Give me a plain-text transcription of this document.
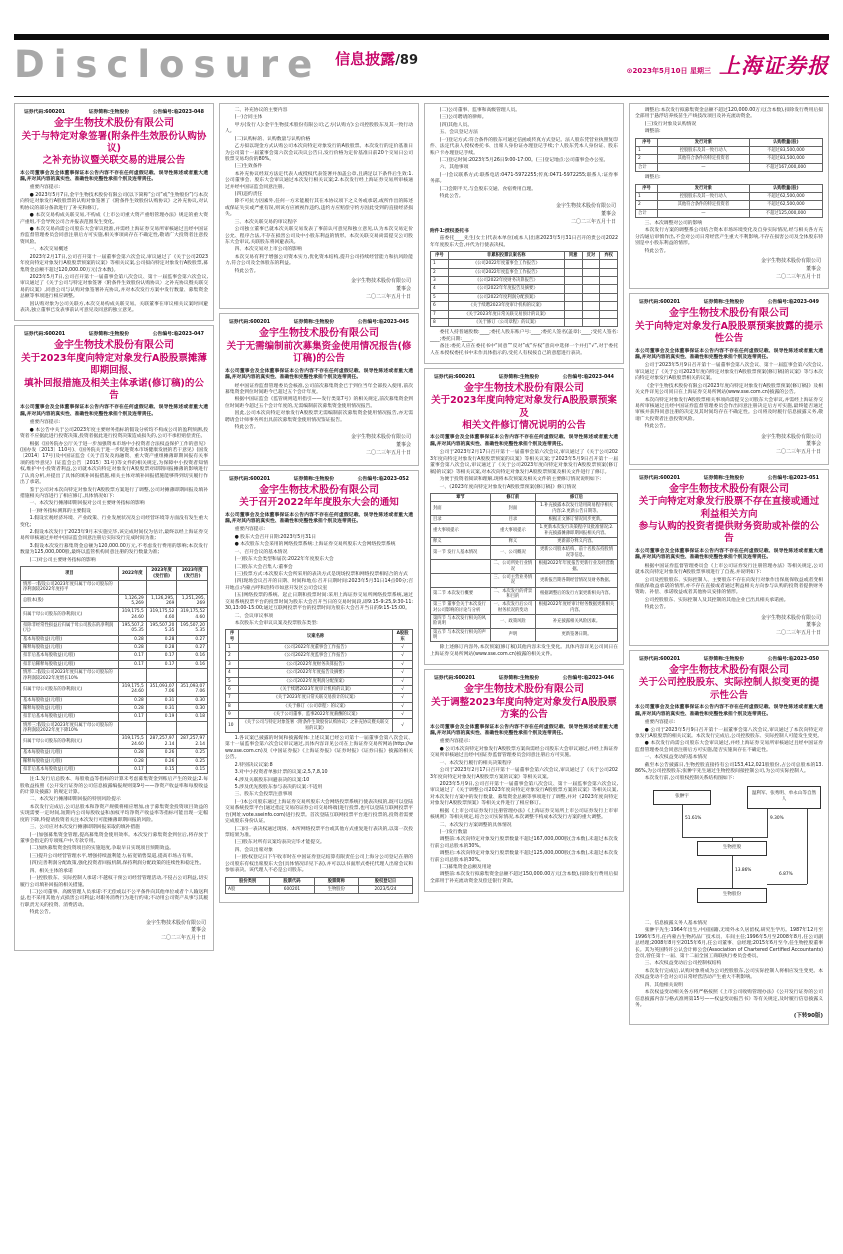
Disclosure 信息披露/89
⊙2023年5月10日 星期三 上海证券报
证券代码:600201	证券简称:生物股份	公告编号:临2023-048
金宇生物技术股份有限公司
关于与特定对象签署(附条件生效股份认购协议)
之补充协议暨关联交易的进展公告

本公司董事会及全体董事保证本公告内容不存在任何虚假记载、误导性陈述或者重大遗漏,并对其内容的真实性、准确性和完整性承担个别及连带责任。

重要内容提示:

● 2023年5月7日,金宇生物技术股份有限公司(以下简称“公司”或“生物股份”)与本次向特定对象发行A股股票的认购对象签署了《附条件生效股份认购协议》之补充协议,对认购协议的部分条款进行了补充和修订。

● 本次交易构成关联交易,不构成《上市公司重大资产重组管理办法》规定的重大资产重组,不会导致公司合并报表范围发生变化。

● 本次交易尚需公司股东大会审议批准,并需经上海证券交易所审核通过且经中国证券监督管理委员会同意注册后方可实施,相关事项尚存在不确定性,敬请广大投资者注意投资风险。

一、本次交易概述

2023年2月17日,公司召开第十一届董事会第六次会议,审议通过了《关于公司2023年度向特定对象发行A股股票预案的议案》等相关议案,公司拟向特定对象发行A股股票,募集资金总额不超过120,000.00万元(含本数)。

2023年5月7日,公司召开第十一届董事会第八次会议、第十一届监事会第六次会议,审议通过了《关于公司与特定对象签署〈附条件生效股份认购协议〉之补充协议暨关联交易的议案》,同意公司与认购对象签署补充协议,并对本次发行方案中发行数量、募集资金总额等事项进行相应调整。

因认购对象为公司关联方,本次交易构成关联交易。关联董事在审议相关议案时回避表决,独立董事已发表事前认可意见及同意的独立意见。

证券代码:600201	证券简称:生物股份	公告编号:临2023-047
金宇生物技术股份有限公司
关于2023年度向特定对象发行A股股票摊薄即期回报、
填补回报措施及相关主体承诺(修订稿)的公告

本公司董事会及全体董事保证本公告内容不存在任何虚假记载、误导性陈述或者重大遗漏,并对其内容的真实性、准确性和完整性承担个别及连带责任。

重要内容提示:

● 本公告中关于公司2023年度主要财务指标的假设分析均不构成公司的盈利预测,投资者不应据此进行投资决策,投资者据此进行投资决策造成损失的,公司不承担赔偿责任。

根据《国务院办公厅关于进一步加强资本市场中小投资者合法权益保护工作的意见》(国办发〔2013〕110号)、《国务院关于进一步促进资本市场健康发展的若干意见》(国发〔2014〕17号)及中国证监会《关于首发及再融资、重大资产重组摊薄即期回报有关事项的指导意见》(证监会公告〔2015〕31号)等文件的相关规定,为保障中小投资者知情权,维护中小投资者利益,公司就本次向特定对象发行A股股票对即期回报摊薄的影响进行了认真分析,并提出了具体的填补回报措施,相关主体对填补回报措施能够得到切实履行作出了承诺。

鉴于公司对本次向特定对象发行A股股票方案进行了调整,公司对摊薄即期回报及填补措施相关内容进行了相应修订,具体情况如下:

一、本次发行摊薄即期回报对公司主要财务指标的影响

(一)财务指标测算的主要假设

1.假设宏观经济环境、产业政策、行业发展状况及公司经营环境等方面没有发生重大变化;

2.假设本次发行于2023年9月末实施完毕,该完成时间仅为估计,最终以经上海证券交易所审核通过并经中国证监会同意注册后实际发行完成时间为准;

3.假设本次发行募集资金总额为120,000.00万元,不考虑发行费用的影响;本次发行数量为125,000,000股,最终以监管机构同意注册的发行数量为准;

(二)对公司主要财务指标的影响

项目	2022年度	2023年度(发行前)	2023年度(发行后)
情形一:假设公司2023年度归属于母公司股东的净利润较2022年度持平			
总股本(股)	1,126,295,269	1,126,295,269	1,251,295,269
归属于母公司股东的净利润(元)	319,175,524.60	319,175,524.60	319,175,524.60
扣除非经常性损益后归属于母公司股东的净利润(元)	195,507,205.35	195,507,205.35	195,507,205.35
基本每股收益(元/股)	0.28	0.28	0.27
稀释每股收益(元/股)	0.28	0.28	0.27
扣非后基本每股收益(元/股)	0.17	0.17	0.16
扣非后稀释每股收益(元/股)	0.17	0.17	0.16
情形二:假设公司2023年度归属于母公司股东的净利润较2022年度增长10%			
归属于母公司股东的净利润(元)	319,175,524.60	351,093,077.06	351,093,077.06
基本每股收益(元/股)	0.28	0.31	0.30
稀释每股收益(元/股)	0.28	0.31	0.30
扣非后基本每股收益(元/股)	0.17	0.19	0.18
情形三:假设公司2023年度归属于母公司股东的净利润较2022年度下降10%			
归属于母公司股东的净利润(元)	319,175,524.60	287,257,972.14	287,257,972.14
基本每股收益(元/股)	0.28	0.26	0.25
稀释每股收益(元/股)	0.28	0.26	0.25
扣非后基本每股收益(元/股)	0.17	0.15	0.15

注:1.发行后总股本、每股收益等指标的计算未考虑募集资金到账后产生的效益;2.每股收益按照《公开发行证券的公司信息披露编报规则第9号——净资产收益率和每股收益的计算及披露》的规定计算。

二、本次发行摊薄即期回报的特别风险提示

本次发行完成后,公司总股本和净资产规模将相应增加,由于募集资金投资项目效益的实现需要一定时间,短期内公司每股收益和加权平均净资产收益率等指标可能出现一定幅度的下降,特提请投资者关注本次发行可能摊薄即期回报的风险。

三、公司应对本次发行摊薄即期回报采取的填补措施

(一)加强募集资金管理,提高募集资金使用效率。本次发行募集资金到位后,将存放于董事会指定的专项账户中,专款专用。

(二)加快募集资金投资项目的实施进度,争取早日实现项目预期效益。

(三)提升公司经营管理水平,增强持续盈利能力,拓宽销售渠道,提高市场占有率。

(四)完善利润分配政策,强化投资者回报机制,保持利润分配政策的连续性和稳定性。

四、相关主体的承诺

(一)控股股东、实际控制人承诺:不越权干预公司经营管理活动,不侵占公司利益,切实履行公司填补回报的相关措施。

(二)公司董事、高级管理人员承诺:不无偿或以不公平条件向其他单位或者个人输送利益,也不采用其他方式损害公司利益;对职务消费行为进行约束;不动用公司资产从事与其履行职责无关的投资、消费活动。

特此公告。

金宇生物技术股份有限公司
董事会
二〇二三年五月十日

二、补充协议的主要内容

(一)合同主体

甲方(发行人):金宇生物技术股份有限公司;乙方(认购方):公司控股股东及其一致行动人。

(二)认购标的、认购数量与认购价格

乙方拟以现金方式认购公司本次向特定对象发行的A股股票。本次发行的定价基准日为公司第十一届董事会第六次会议决议公告日,发行价格为定价基准日前20个交易日公司股票交易均价的80%。

(三)生效条件

本补充协议经双方法定代表人或授权代表签署并加盖公章,且满足以下条件后生效:1.公司董事会、股东大会审议通过本次发行相关议案;2.本次发行经上海证券交易所审核通过并经中国证监会同意注册。

(四)违约责任

除不可抗力因素外,任何一方未能履行其在本协议项下之义务或承诺,或所作出的陈述或保证失实或严重有误,则该方应被视作违约,违约方应赔偿守约方因此受到的直接经济损失。

三、本次关联交易的审议程序

公司独立董事已就本次关联交易发表了事前认可意见和独立意见,认为本次交易定价公允、程序合法,不存在损害公司及中小股东利益的情形。本次关联交易尚需提交公司股东大会审议,关联股东将回避表决。

四、本次交易对上市公司的影响

本次交易有利于增强公司资本实力,优化资本结构,提升公司持续经营能力和抗风险能力,符合公司及全体股东的利益。

特此公告。

金宇生物技术股份有限公司
董事会
二〇二三年五月十日
证券代码:600201	证券简称:生物股份	公告编号:临2023-045
金宇生物技术股份有限公司
关于无需编制前次募集资金使用情况报告(修订稿)的公告

本公司董事会及全体董事保证本公告内容不存在任何虚假记载、误导性陈述或者重大遗漏,并对其内容的真实性、准确性和完整性承担个别及连带责任。

经中国证券监督管理委员会核准,公司前次募集资金已于到位当年全部投入使用,前次募集资金到位时间距今已超过五个会计年度。

根据中国证监会《监管规则适用指引——发行类第7号》的相关规定,前次募集资金到位时间距今超过五个会计年度的,无需编制前次募集资金使用情况报告。

因此,公司本次向特定对象发行A股股票无需编制前次募集资金使用情况报告,亦无需聘请会计师事务所出具前次募集资金使用情况鉴证报告。

特此公告。

金宇生物技术股份有限公司
董事会
二〇二三年五月十日
证券代码:600201	证券简称:生物股份	公告编号:临2023-052
金宇生物技术股份有限公司
关于召开2022年年度股东大会的通知

本公司董事会及全体董事保证本公告内容不存在任何虚假记载、误导性陈述或者重大遗漏,并对其内容的真实性、准确性和完整性承担个别及连带责任。

重要内容提示:

● 股东大会召开日期:2023年5月31日

● 本次股东大会采用的网络投票系统:上海证券交易所股东大会网络投票系统

一、召开会议的基本情况

(一)股东大会类型和届次:2022年年度股东大会

(二)股东大会召集人:董事会

(三)投票方式:本次股东大会所采用的表决方式是现场投票和网络投票相结合的方式

(四)现场会议召开的日期、时间和地点:召开日期时间:2023年5月31日14点00分;召开地点:内蒙古呼和浩特市如意开发区公司会议室

(五)网络投票的系统、起止日期和投票时间:采用上海证券交易所网络投票系统,通过交易系统投票平台的投票时间为股东大会召开当日的交易时间段,即9:15-9:25,9:30-11:30,13:00-15:00;通过互联网投票平台的投票时间为股东大会召开当日的9:15-15:00。

二、会议审议事项

本次股东大会审议议案及投票股东类型:

序号	议案名称	A股股东
1	《公司2022年度董事会工作报告》	√
2	《公司2022年度监事会工作报告》	√
3	《公司2022年度财务决算报告》	√
4	《公司2022年年度报告及摘要》	√
5	《公司2022年度利润分配预案》	√
6	《关于续聘2023年度审计机构的议案》	√
7	《关于2023年度日常关联交易预计的议案》	√
8	《关于修订〈公司章程〉的议案》	√
9	《关于公司董事、监事2022年度薪酬的议案》	√
10	《关于公司与特定对象签署〈附条件生效股份认购协议〉之补充协议暨关联交易的议案》	√

1.各议案已披露的时间和披露媒体:上述议案已经公司第十一届董事会第八次会议、第十一届监事会第六次会议审议通过,具体内容详见公司在上海证券交易所网站(http://www.sse.com.cn)及《中国证券报》《上海证券报》《证券时报》《证券日报》披露的相关公告。

2.特别决议议案:8

3.对中小投资者单独计票的议案:2,5,7,8,10

4.涉及关联股东回避表决的议案:10

5.涉及优先股股东参与表决的议案:不适用

三、股东大会投票注意事项

(一)本公司股东通过上海证券交易所股东大会网络投票系统行使表决权的,既可以登陆交易系统投票平台(通过指定交易的证券公司交易终端)进行投票,也可以登陆互联网投票平台(网址:vote.sseinfo.com)进行投票。首次登陆互联网投票平台进行投票的,投资者需要完成股东身份认证。

(二)同一表决权通过现场、本所网络投票平台或其他方式重复进行表决的,以第一次投票结果为准。

(三)股东对所有议案均表决完毕才能提交。

四、会议出席对象

(一)股权登记日下午收市时在中国证券登记结算有限责任公司上海分公司登记在册的公司股东有权出席股东大会(具体情况详见下表),并可以以书面形式委托代理人出席会议和参加表决。该代理人不必是公司股东。

股份类别	股票代码	股票简称	股权登记日
A股	600201	生物股份	2023/5/24

(二)公司董事、监事和高级管理人员。

(三)公司聘请的律师。

(四)其他人员。

五、会议登记方法

(一)登记方式:符合条件的股东可通过信函或传真方式登记。法人股东凭营业执照复印件、法定代表人授权委托书、出席人身份证办理登记手续;个人股东凭本人身份证、股东账户卡办理登记手续。

(二)登记时间:2023年5月26日9:00-17:00。(三)登记地点:公司董事会办公室。

六、其他事项

(一)会议联系方式:联系电话:0471-5972255;传真:0471-5972255;联系人:证券事务部。

(二)会期半天,与会股东交通、食宿费用自理。

特此公告。

金宇生物技术股份有限公司
董事会
二〇二三年五月十日

附件1:授权委托书

兹委托____先生(女士)代表本单位(或本人)出席2023年5月31日召开的贵公司2022年年度股东大会,并代为行使表决权。

序号	非累积投票议案名称	同意	反对	弃权
1	《公司2022年度董事会工作报告》			
2	《公司2022年度监事会工作报告》			
3	《公司2022年度财务决算报告》			
4	《公司2022年年度报告及摘要》			
5	《公司2022年度利润分配预案》			
6	《关于续聘2023年度审计机构的议案》			
7	《关于2023年度日常关联交易预计的议案》			
8	《关于修订〈公司章程〉的议案》			

委托人持普通股数:____;委托人股东账户号:____;委托人签名(盖章):____;受托人签名:____;委托日期:____。

备注:委托人应在委托书中“同意”“反对”或“弃权”意向中选择一个并打“√”,对于委托人在本授权委托书中未作具体指示的,受托人有权按自己的意愿进行表决。

证券代码:600201	证券简称:生物股份	公告编号:临2023-044
金宇生物技术股份有限公司
关于2023年度向特定对象发行A股股票预案及
相关文件修订情况说明的公告

本公司董事会及全体董事保证本公告内容不存在任何虚假记载、误导性陈述或者重大遗漏,并对其内容的真实性、准确性和完整性承担个别及连带责任。

公司于2023年2月17日召开第十一届董事会第六次会议,审议通过了《关于公司2023年度向特定对象发行A股股票预案的议案》等相关议案;于2023年5月9日召开第十一届董事会第八次会议,审议通过了《关于公司2023年度向特定对象发行A股股票预案(修订稿)的议案》等相关议案,对本次向特定对象发行A股股票预案及相关文件进行了修订。

为便于投资者阅读和理解,现将本次预案及相关文件的主要修订情况说明如下:

一、《2023年度向特定对象发行A股股票预案(修订稿)》修订情况

章节	修订前	修订后
封面	封面	1.补充披露本次发行适用简易程序相关内容;2.更新公告日期等。
目录	目录	根据正文修订情况同步更新。
重大事项提示	重大事项提示	1.更新本次发行决策程序及批准情况;2.补充披露摊薄即期回报相关内容。
释义	释义	更新部分释义内容。
第一节 发行人基本情况	一、公司概况	更新公司股本结构、前十名股东持股情况等信息。
	二、公司所处行业情况	根据2022年年度报告更新行业及经营数据。
	三、公司主营业务情况	更新报告期各期经营情况及财务数据。
第二节 本次发行概要	二、本次发行的背景和目的	根据调整后的发行方案更新相关内容。
第三节 董事会关于本次发行对公司影响的讨论与分析	一、本次发行后公司财务状况的变动	根据2022年度经审计财务数据更新相关内容。
第四节 与本次发行相关的风险说明	一、政策风险	补充披露相关风险因素。
第五节 与本次发行相关的声明	声明	更新签署日期。

除上述修订内容外,本次预案(修订稿)其他内容未发生变化。具体内容详见公司同日在上海证券交易所网站(www.sse.com.cn)披露的相关文件。

证券代码:600201	证券简称:生物股份	公告编号:临2023-046
金宇生物技术股份有限公司
关于调整2023年度向特定对象发行A股股票方案的公告

本公司董事会及全体董事保证本公告内容不存在任何虚假记载、误导性陈述或者重大遗漏,并对其内容的真实性、准确性和完整性承担个别及连带责任。

重要内容提示:

● 公司本次向特定对象发行A股股票方案尚需经公司股东大会审议通过,并经上海证券交易所审核通过且经中国证券监督管理委员会同意注册后方可实施。

一、本次发行履行的相关决策程序

公司于2023年2月17日召开第十一届董事会第六次会议,审议通过了《关于公司2023年度向特定对象发行A股股票方案的议案》等相关议案。

2023年5月9日,公司召开第十一届董事会第八次会议、第十一届监事会第六次会议,审议通过了《关于调整公司2023年度向特定对象发行A股股票方案的议案》等相关议案,对本次发行方案中的发行数量、募集资金总额等事项进行了调整,并对《2023年度向特定对象发行A股股票预案》等相关文件进行了相应修订。

根据《上市公司证券发行注册管理办法》《上海证券交易所上市公司证券发行上市审核规则》等相关规定,结合公司实际情况,本次调整不构成本次发行方案的重大调整。

二、本次发行方案调整的具体情况

(一)发行数量

调整前:本次向特定对象发行股票数量不超过167,000,000股(含本数),未超过本次发行前公司总股本的30%。

调整后:本次向特定对象发行股票数量不超过125,000,000股(含本数),未超过本次发行前公司总股本的30%。

(二)募集资金总额及用途

调整前:本次发行拟募集资金总额不超过150,000.00万元(含本数),扣除发行费用后拟全部用于补充流动资金及偿还银行贷款。

调整后:本次发行拟募集资金总额不超过120,000.00万元(含本数),扣除发行费用后拟全部用于悬浮培养疫苗生产线技改项目及补充流动资金。

(三)发行对象及认购情况

调整前:

序号	发行对象	认购数量(股)
1	控股股东及其一致行动人	不超过83,500,000
2	其他符合条件的特定投资者	不超过83,500,000
合计	—	不超过167,000,000

调整后:

序号	发行对象	认购数量(股)
1	控股股东及其一致行动人	不超过62,500,000
2	其他符合条件的特定投资者	不超过62,500,000
合计	—	不超过125,000,000

三、本次调整对公司的影响

本次发行方案的调整系公司结合资本市场环境变化及自身实际情况,经与相关各方充分沟通后审慎作出,不会对公司日常经营产生重大不利影响,不存在损害公司及全体股东特别是中小股东利益的情形。

特此公告。

金宇生物技术股份有限公司
董事会
二〇二三年五月十日
证券代码:600201	证券简称:生物股份	公告编号:临2023-049
金宇生物技术股份有限公司
关于向特定对象发行A股股票预案披露的提示性公告

本公司董事会及全体董事保证本公告内容不存在任何虚假记载、误导性陈述或者重大遗漏,并对其内容的真实性、准确性和完整性承担个别及连带责任。

公司于2023年5月9日召开第十一届董事会第八次会议、第十一届监事会第六次会议,审议通过了《关于公司2023年度向特定对象发行A股股票预案(修订稿)的议案》等与本次向特定对象发行A股股票相关的议案。

《金宇生物技术股份有限公司2023年度向特定对象发行A股股票预案(修订稿)》及相关文件详见公司同日在上海证券交易所网站(www.sse.com.cn)披露的公告。

本次向特定对象发行A股股票相关事项尚需提交公司股东大会审议,并需经上海证券交易所审核通过且经中国证券监督管理委员会作出同意注册决定后方可实施,最终能否通过审核并获得同意注册的决定及其时间均存在不确定性。公司将及时履行信息披露义务,敬请广大投资者注意投资风险。

特此公告。

金宇生物技术股份有限公司
董事会
二〇二三年五月十日
证券代码:600201	证券简称:生物股份	公告编号:临2023-051
金宇生物技术股份有限公司
关于向特定对象发行股票不存在直接或通过利益相关方向
参与认购的投资者提供财务资助或补偿的公告

本公司董事会及全体董事保证本公告内容不存在任何虚假记载、误导性陈述或者重大遗漏,并对其内容的真实性、准确性和完整性承担个别及连带责任。

根据中国证券监督管理委员会《上市公司证券发行注册管理办法》等相关规定,公司就本次向特定对象发行A股股票事项进行了自查,并说明如下:

公司及控股股东、实际控制人、主要股东不存在向发行对象作出保底保收益或者变相保底保收益承诺的情形,亦不存在直接或者通过利益相关方向参与认购的投资者提供财务资助、补偿、承诺收益或者其他协议安排的情形。

公司控股股东、实际控制人及其控制的其他企业已出具相关承诺函。

特此公告。

金宇生物技术股份有限公司
董事会
二〇二三年五月十日
证券代码:600201	证券简称:生物股份	公告编号:临2023-050
金宇生物技术股份有限公司
关于公司控股股东、实际控制人拟变更的提示性公告

本公司董事会及全体董事保证本公告内容不存在任何虚假记载、误导性陈述或者重大遗漏,并对其内容的真实性、准确性和完整性承担个别及连带责任。

重要内容提示:

● 公司于2023年5月9日召开第十一届董事会第八次会议,审议通过了本次向特定对象发行A股股票的相关议案。本次发行完成后,公司控股股东、实际控制人可能发生变更。

● 本次发行尚需公司股东大会审议通过,并经上海证券交易所审核通过且经中国证券监督管理委员会同意注册后方可实施,能否实施尚存在不确定性。

一、本次权益变动的基本情况

截至本公告披露日,生物控股直接持有公司153,412,021股股份,占公司总股本的13.86%,为公司控股股东;张翀宇先生通过生物控股间接控制公司,为公司实际控制人。

本次发行前,公司股权控制关系结构图如下:

张翀宇
温利军、张秀明、单永山等自然人
51.61%	9.30%
生物控股
13.86%
6.87%
生物股份

二、信息披露义务人基本情况

张翀宇先生:1964年出生,中国国籍,无境外永久居留权,研究生学历。1987年12月至1996年5月,任内蒙古生物药品厂技术员、车间主任;1996年5月至2008年8月,任公司副总经理;2008年8月至2015年6月,任公司董事、总经理;2015年6月至今,任生物控股董事长。其为英国特许公认会计师公会(Association of Chartered Certified Accountants)会员,曾任第十一届、第十二届全国工商联执行委员会委员。

三、本次权益变动后公司控制权结构

本次发行完成后,认购对象将成为公司控股股东,公司实际控制人将相应发生变更。本次权益变动不会对公司日常经营活动产生重大不利影响。

四、其他相关说明

本次权益变动相关各方将严格按照《上市公司收购管理办法》《公开发行证券的公司信息披露内容与格式准则第15号——权益变动报告书》等有关规定,及时履行信息披露义务。

(下转90版)
